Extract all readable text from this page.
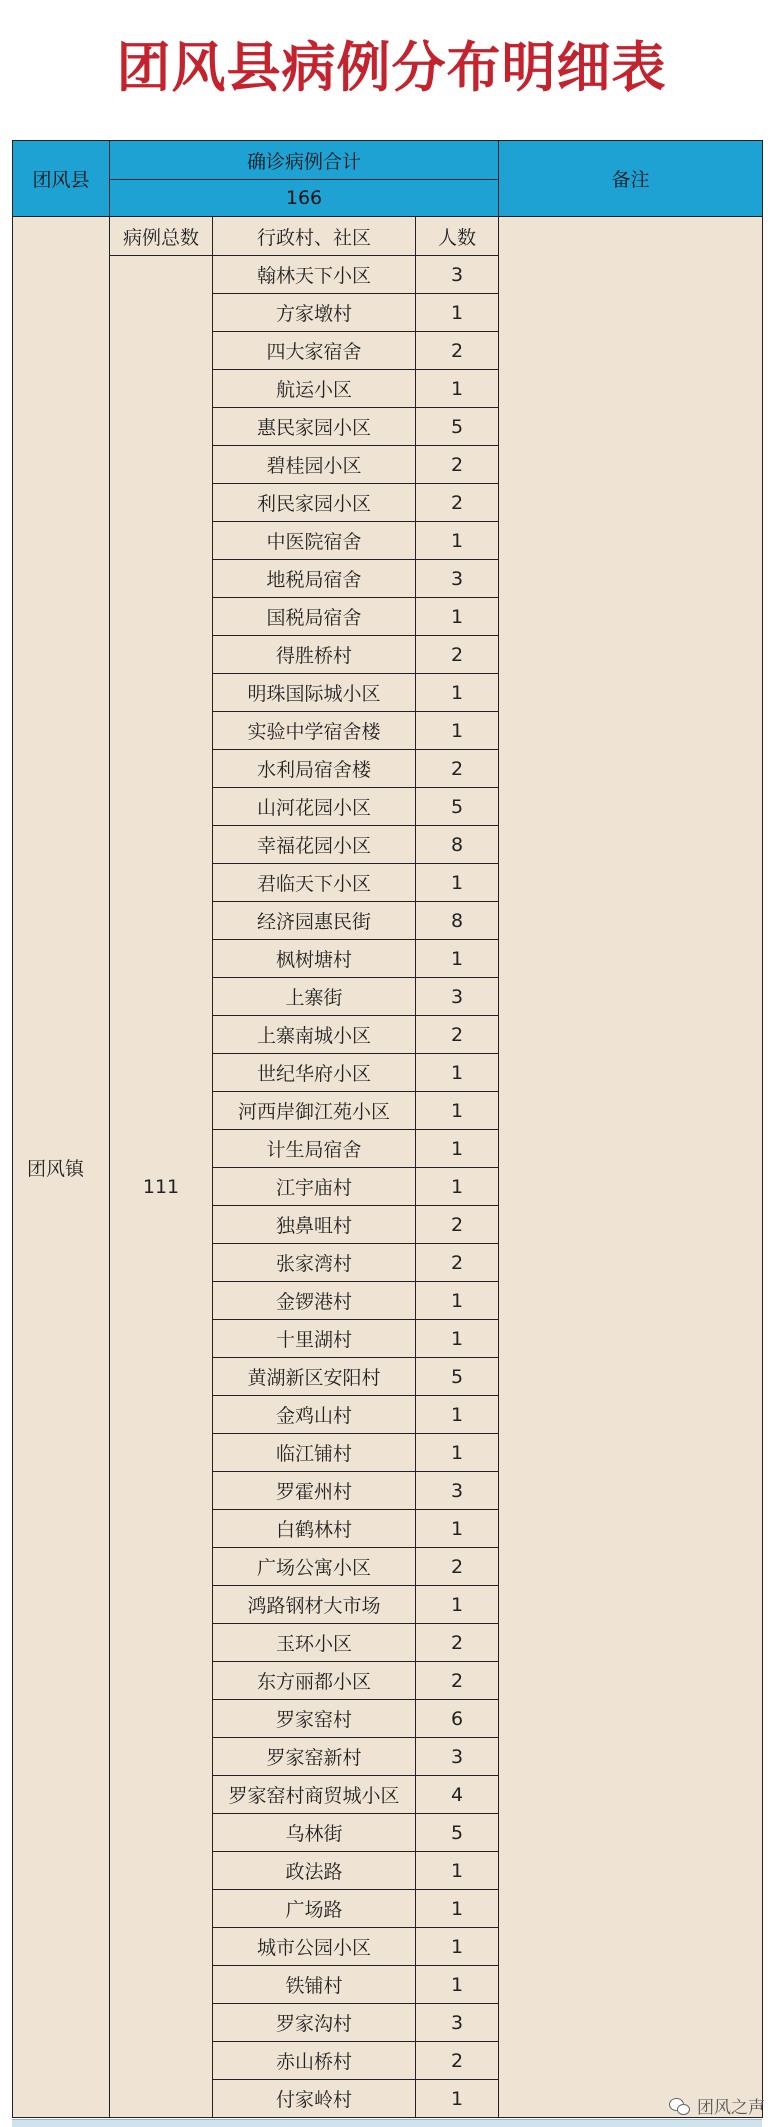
团风县病例分布明细表
团风县	确诊病例合计			备注
	166			
团风镇	病例总数	行政村、社区	人数	
	111	翰林天下小区	3	
		方家墩村	1	
		四大家宿舍	2	
		航运小区	1	
		惠民家园小区	5	
		碧桂园小区	2	
		利民家园小区	2	
		中医院宿舍	1	
		地税局宿舍	3	
		国税局宿舍	1	
		得胜桥村	2	
		明珠国际城小区	1	
		实验中学宿舍楼	1	
		水利局宿舍楼	2	
		山河花园小区	5	
		幸福花园小区	8	
		君临天下小区	1	
		经济园惠民街	8	
		枫树塘村	1	
		上寨街	3	
		上寨南城小区	2	
		世纪华府小区	1	
		河西岸御江苑小区	1	
		计生局宿舍	1	
		江宇庙村	1	
		独鼻咀村	2	
		张家湾村	2	
		金锣港村	1	
		十里湖村	1	
		黄湖新区安阳村	5	
		金鸡山村	1	
		临江铺村	1	
		罗霍州村	3	
		白鹤林村	1	
		广场公寓小区	2	
		鸿路钢材大市场	1	
		玉环小区	2	
		东方丽都小区	2	
		罗家窑村	6	
		罗家窑新村	3	
		罗家窑村商贸城小区	4	
		乌林街	5	
		政法路	1	
		广场路	1	
		城市公园小区	1	
		铁铺村	1	
		罗家沟村	3	
		赤山桥村	2	
		付家岭村	1		团风之声
